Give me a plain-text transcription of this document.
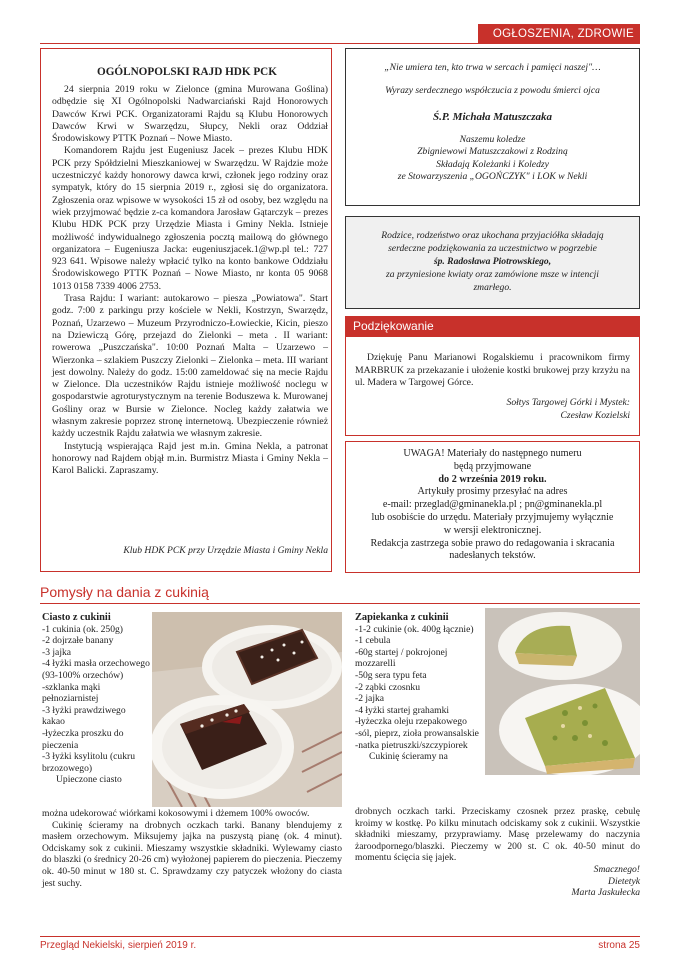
OGŁOSZENIA, ZDROWIE
OGÓLNOPOLSKI RAJD HDK PCK

24 sierpnia 2019 roku w Zielonce (gmina Murowana Goślina) odbędzie się XI Ogólnopolski Nadwarciański Rajd Honorowych Dawców Krwi PCK. Organizatorami Rajdu są Klubu Honorowych Dawców Krwi w Swarzędzu, Słupcy, Nekli oraz Oddział Środowiskowy PTTK Poznań – Nowe Miasto.

Komandorem Rajdu jest Eugeniusz Jacek – prezes Klubu HDK PCK przy Spółdzielni Mieszkaniowej w Swarzędzu. W Rajdzie może uczestniczyć każdy honorowy dawca krwi, członek jego rodziny oraz sympatyk, który do 15 sierpnia 2019 r., zgłosi się do organizatora. Zgłoszenia oraz wpisowe w wysokości 15 zł od osoby, bez względu na wiek przyjmować będzie z-ca komandora Jarosław Gątarczyk – prezes Klubu HDK PCK przy Urzędzie Miasta i Gminy Nekla. Istnieje możliwość indywidualnego zgłoszenia pocztą mailową do głównego organizatora – Eugeniusza Jacka: eugeniuszjacek.1@wp.pl tel.: 727 923 641. Wpisowe należy wpłacić tylko na konto bankowe Oddziału Środowiskowego PTTK Poznań – Nowe Miasto, nr konta 05 9068 1013 0158 7339 4006 2753.

Trasa Rajdu: I wariant: autokarowo – piesza „Powiatowa". Start godz. 7:00 z parkingu przy kościele w Nekli, Kostrzyn, Swarzędz, Poznań, Uzarzewo – Muzeum Przyrodniczo-Łowieckie, Kicin, pieszo na Dziewiczą Górę, przejazd do Zielonki – meta . II wariant: rowerowa „Puszczańska". 10:00 Poznań Malta – Uzarzewo – Wierzonka – szlakiem Puszczy Zielonki – Zielonka – meta. III wariant jest dowolny. Należy do godz. 15:00 zameldować się na mecie Rajdu w Zielonce. Dla uczestników Rajdu istnieje możliwość noclegu w gospodarstwie agroturystycznym na terenie Boduszewa k. Murowanej Gośliny oraz w Bursie w Zielonce. Nocleg każdy załatwia we własnym zakresie poprzez stronę internetową. Ubezpieczenie również każdy uczestnik Rajdu załatwia we własnym zakresie.

Instytucją wspierająca Rajd jest m.in. Gmina Nekla, a patronat honorowy nad Rajdem objął m.in. Burmistrz Miasta i Gminy Nekla – Karol Balicki. Zapraszamy.

Klub HDK PCK przy Urzędzie Miasta i Gminy Nekla
„Nie umiera ten, kto trwa w sercach i pamięci naszej"…
Wyrazy serdecznego współczucia z powodu śmierci ojca
Ś.P. Michała Matuszczaka
Naszemu koledze
Zbigniewowi Matuszczakowi z Rodziną
Składają Koleżanki i Koledzy
ze Stowarzyszenia „OGOŃCZYK" i LOK w Nekli
Rodzice, rodzeństwo oraz ukochana przyjaciółka składają
serdeczne podziękowania za uczestnictwo w pogrzebie
śp. Radosława Piotrowskiego,
za przyniesione kwiaty oraz zamówione msze w intencji
zmarłego.
Podziękowanie
Dziękuję Panu Marianowi Rogalskiemu i pracownikom firmy MARBRUK za przekazanie i ułożenie kostki brukowej przy krzyżu na ul. Madera w Targowej Górce.
Sołtys Targowej Górki i Mystek:
Czesław Kozielski
UWAGA! Materiały do następnego numeru
będą przyjmowane
do 2 września 2019 roku.
Artykuły prosimy przesyłać na adres
e-mail: przeglad@gminanekla.pl ; pn@gminanekla.pl
lub osobiście do urzędu. Materiały przyjmujemy wyłącznie
w wersji elektronicznej.
Redakcja zastrzega sobie prawo do redagowania i skracania
nadesłanych tekstów.
Pomysły na dania z cukinią
Ciasto z cukinii
-1 cukinia (ok. 250g)
-2 dojrzałe banany
-3 jajka
-4 łyżki masła orzechowego (93-100% orzechów)
-szklanka mąki pełnoziarnistej
-3 łyżki prawdziwego kakao
-łyżeczka proszku do pieczenia
-3 łyżki ksylitolu (cukru brzozowego)
Upieczone ciasto
można udekorować wiórkami kokosowymi i dżemem 100% owoców.
Cukinię ścieramy na drobnych oczkach tarki. Banany blendujemy z masłem orzechowym. Miksujemy jajka na puszystą pianę (ok. 4 minut). Odciskamy sok z cukinii. Mieszamy wszystkie składniki. Wylewamy ciasto do blaszki (o średnicy 20-26 cm) wyłożonej papierem do pieczenia. Pieczemy ok. 40-50 minut w 180 st. C. Sprawdzamy czy patyczek włożony do ciasta jest suchy.
Zapiekanka z cukinii
-1-2 cukinie (ok. 400g łącznie)
-1 cebula
-60g startej / pokrojonej mozzarelli
-50g sera typu feta
-2 ząbki czosnku
-2 jajka
-4 łyżki startej grahamki
-łyżeczka oleju rzepakowego
-sól, pieprz, zioła prowansalskie
-natka pietruszki/szczypiorek
Cukinię ścieramy na
drobnych oczkach tarki. Przeciskamy czosnek przez praskę, cebulę kroimy w kostkę. Po kilku minutach odciskamy sok z cukinii. Wszystkie składniki mieszamy, przyprawiamy. Masę przelewamy do naczynia żaroodpornego/blaszki. Pieczemy w 200 st. C ok. 40-50 minut do momentu ścięcia się jajek.
Smacznego!
Dietetyk
Marta Jaskułecka
Przegląd Nekielski, sierpień 2019 r.	strona 25
